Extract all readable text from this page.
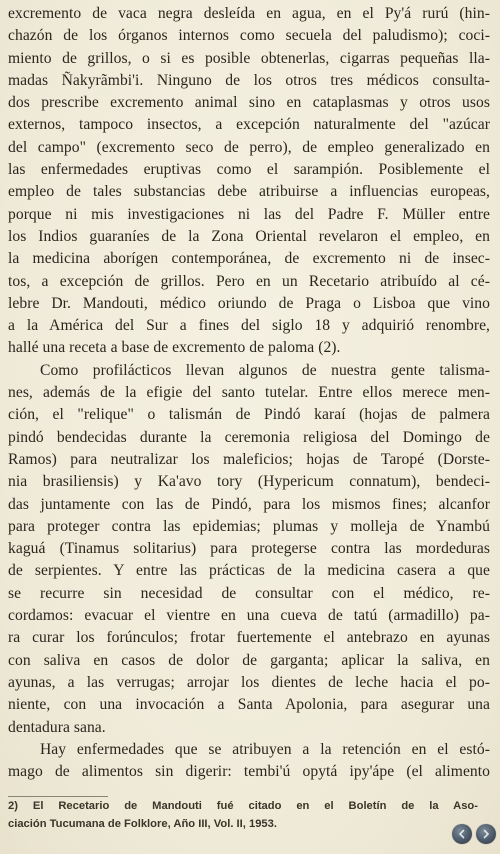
excremento de vaca negra desleída en agua, en el Py'á rurú (hin-
chazón de los órganos internos como secuela del paludismo); coci-
miento de grillos, o si es posible obtenerlas, cigarras pequeñas lla-
madas Ñakyrãmbi'i. Ninguno de los otros tres médicos consulta-
dos prescribe excremento animal sino en cataplasmas y otros usos
externos, tampoco insectos, a excepción naturalmente del "azúcar
del campo" (excremento seco de perro), de empleo generalizado en
las enfermedades eruptivas como el sarampión. Posiblemente el
empleo de tales substancias debe atribuirse a influencias europeas,
porque ni mis investigaciones ni las del Padre F. Müller entre
los Indios guaraníes de la Zona Oriental revelaron el empleo, en
la medicina aborígen contemporánea, de excremento ni de insec-
tos, a excepción de grillos. Pero en un Recetario atribuído al cé-
lebre Dr. Mandouti, médico oriundo de Praga o Lisboa que vino
a la América del Sur a fines del siglo 18 y adquirió renombre,
hallé una receta a base de excremento de paloma (2).
Como profilácticos llevan algunos de nuestra gente talisma-
nes, además de la efigie del santo tutelar. Entre ellos merece men-
ción, el "relique" o talismán de Pindó karaí (hojas de palmera
pindó bendecidas durante la ceremonia religiosa del Domingo de
Ramos) para neutralizar los maleficios; hojas de Taropé (Dorste-
nia brasiliensis) y Ka'avo tory (Hypericum connatum), bendeci-
das juntamente con las de Pindó, para los mismos fines; alcanfor
para proteger contra las epidemias; plumas y molleja de Ynambú
kaguá (Tinamus solitarius) para protegerse contra las mordeduras
de serpientes. Y entre las prácticas de la medicina casera a que
se recurre sin necesidad de consultar con el médico, re-
cordamos: evacuar el vientre en una cueva de tatú (armadillo) pa-
ra curar los forúnculos; frotar fuertemente el antebrazo en ayunas
con saliva en casos de dolor de garganta; aplicar la saliva, en
ayunas, a las verrugas; arrojar los dientes de leche hacia el po-
niente, con una invocación a Santa Apolonia, para asegurar una
dentadura sana.
Hay enfermedades que se atribuyen a la retención en el estó-
mago de alimentos sin digerir: tembi'ú opytá ipy'ápe (el alimento
2) El Recetario de Mandouti fué citado en el Boletín de la Aso-
ciación Tucumana de Folklore, Año III, Vol. II, 1953.
